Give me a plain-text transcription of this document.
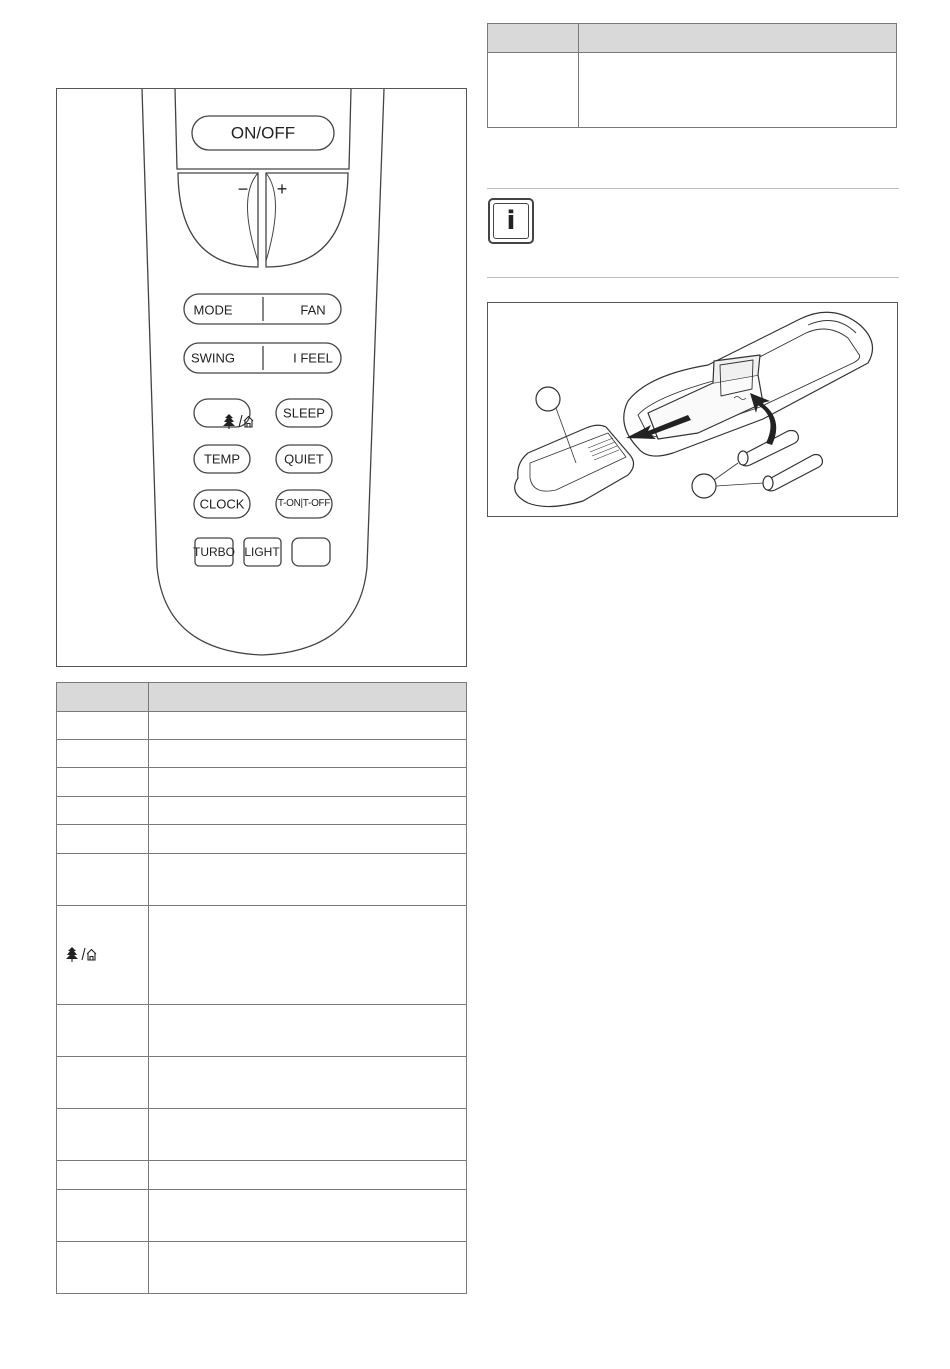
ON/OFF
− +
MODE	FAN
SWING	I FEEL
SLEEP
TEMP	QUIET
CLOCK	T-ON|T-OFF
TURBO LIGHT

i
